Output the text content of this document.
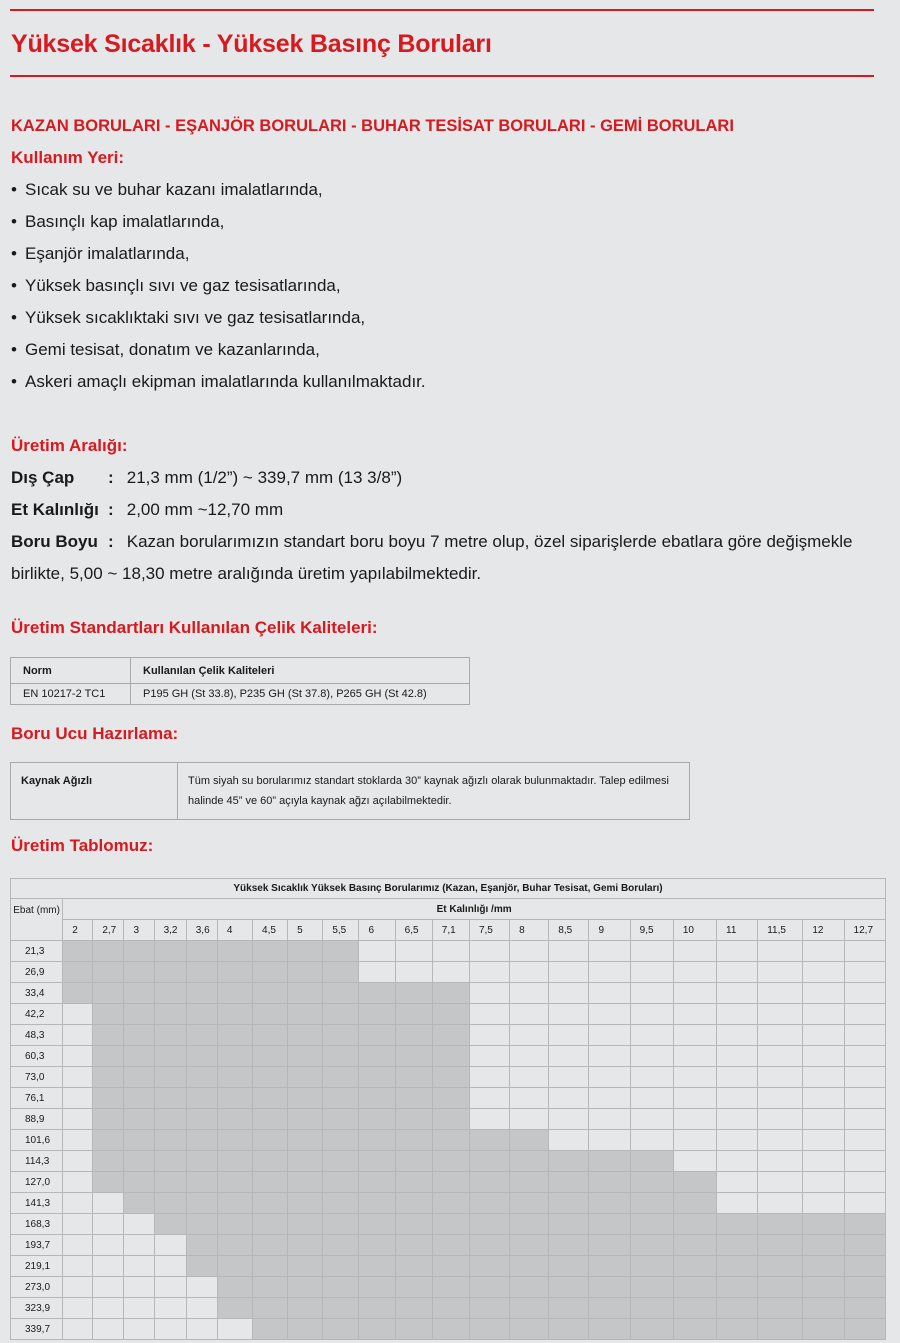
Yüksek Sıcaklık - Yüksek Basınç Boruları
KAZAN BORULARI - EŞANJÖR BORULARI - BUHAR TESİSAT BORULARI - GEMİ BORULARI
Kullanım Yeri:
• Sıcak su ve buhar kazanı imalatlarında,
• Basınçlı kap imalatlarında,
• Eşanjör imalatlarında,
• Yüksek basınçlı sıvı ve gaz tesisatlarında,
• Yüksek sıcaklıktaki sıvı ve gaz tesisatlarında,
• Gemi tesisat, donatım ve kazanlarında,
• Askeri amaçlı ekipman imalatlarında kullanılmaktadır.
Üretim Aralığı:
Dış Çap : 21,3 mm (1/2”) ~ 339,7 mm (13 3/8”)
Et Kalınlığı : 2,00 mm ~12,70 mm
Boru Boyu : Kazan borularımızın standart boru boyu 7 metre olup, özel siparişlerde ebatlara göre değişmekle
birlikte, 5,00 ~ 18,30 metre aralığında üretim yapılabilmektedir.
Üretim Standartları Kullanılan Çelik Kaliteleri:
Norm	Kullanılan Çelik Kaliteleri
EN 10217-2 TC1	P195 GH (St 33.8), P235 GH (St 37.8), P265 GH (St 42.8)
Boru Ucu Hazırlama:
Kaynak Ağızlı	Tüm siyah su borularımız standart stoklarda 30” kaynak ağızlı olarak bulunmaktadır. Talep edilmesi halinde 45” ve 60” açıyla kaynak ağzı açılabilmektedir.
Üretim Tablomuz:
Yüksek Sıcaklık Yüksek Basınç Borularımız (Kazan, Eşanjör, Buhar Tesisat, Gemi Boruları)																						
Ebat (mm)	Et Kalınlığı /mm																					
	2	2,7	3	3,2	3,6	4	4,5	5	5,5	6	6,5	7,1	7,5	8	8,5	9	9,5	10	11	11,5	12	12,7
21,3																						
26,9																						
33,4																						
42,2																						
48,3																						
60,3																						
73,0																						
76,1																						
88,9																						
101,6																						
114,3																						
127,0																						
141,3																						
168,3																						
193,7																						
219,1																						
273,0																						
323,9																						
339,7																						
